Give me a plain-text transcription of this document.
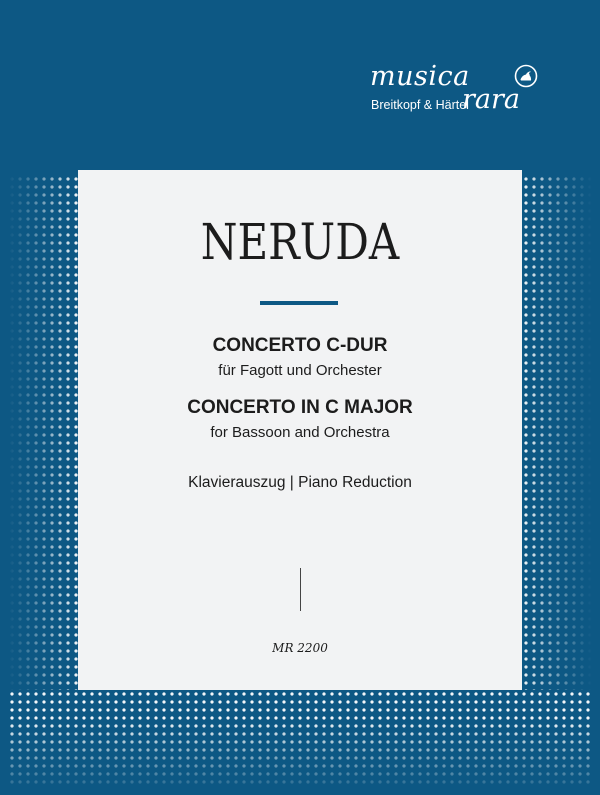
musica
rara
Breitkopf & Härtel
NERUDA
CONCERTO C-DUR
für Fagott und Orchester
CONCERTO IN C MAJOR
for Bassoon and Orchestra
Klavierauszug | Piano Reduction
MR 2200
